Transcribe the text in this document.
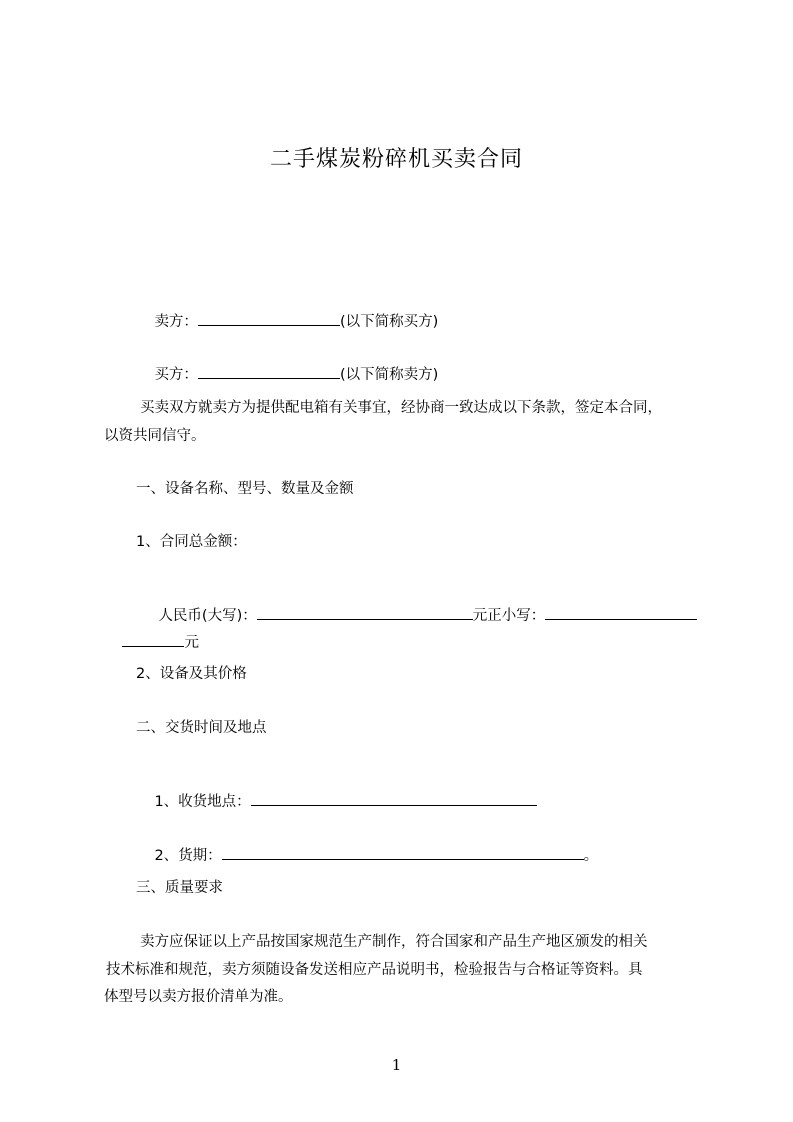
二手煤炭粉碎机买卖合同

卖方：	(以下简称买方)

买方：	(以下简称卖方)

买卖双方就卖方为提供配电箱有关事宜，经协商一致达成以下条款，签定本合同，
以资共同信守。
一、设备名称、型号、数量及金额
1、合同总金额：

人民币(大写)：	元正小写：

元

2、设备及其价格
二、交货时间及地点

1、收货地点：

2、货期：	。

三、质量要求
卖方应保证以上产品按国家规范生产制作，符合国家和产品生产地区颁发的相关
技术标准和规范，卖方须随设备发送相应产品说明书，检验报告与合格证等资料。具
体型号以卖方报价清单为准。
1
